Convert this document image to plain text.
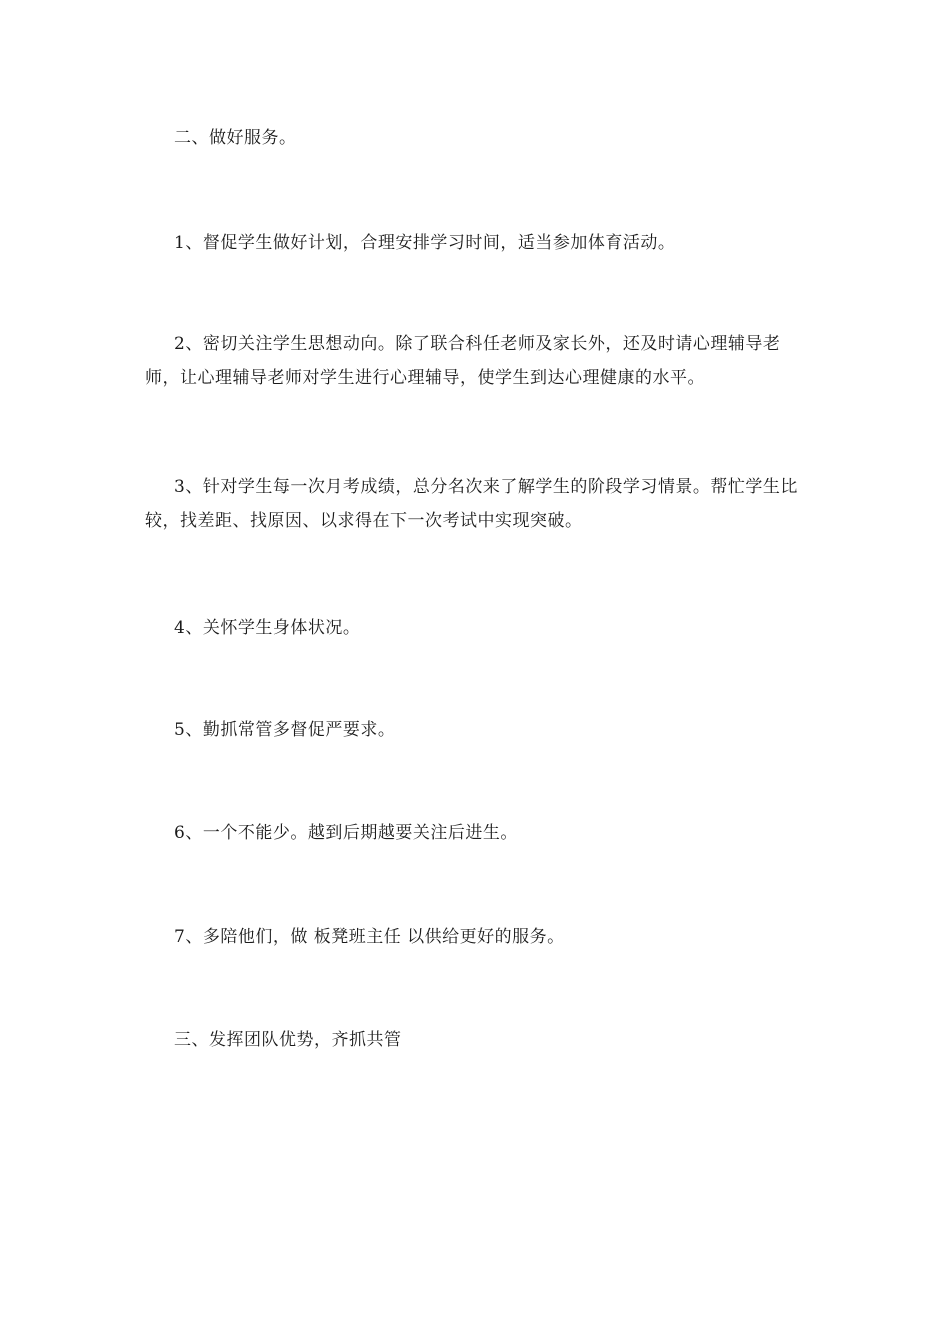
二、做好服务。

1、督促学生做好计划，合理安排学习时间，适当参加体育活动。

2、密切关注学生思想动向。除了联合科任老师及家长外，还及时请心理辅导老师，让心理辅导老师对学生进行心理辅导，使学生到达心理健康的水平。

3、针对学生每一次月考成绩，总分名次来了解学生的阶段学习情景。帮忙学生比较，找差距、找原因、以求得在下一次考试中实现突破。

4、关怀学生身体状况。

5、勤抓常管多督促严要求。

6、一个不能少。越到后期越要关注后进生。

7、多陪他们，做 板凳班主任 以供给更好的服务。

三、发挥团队优势，齐抓共管
